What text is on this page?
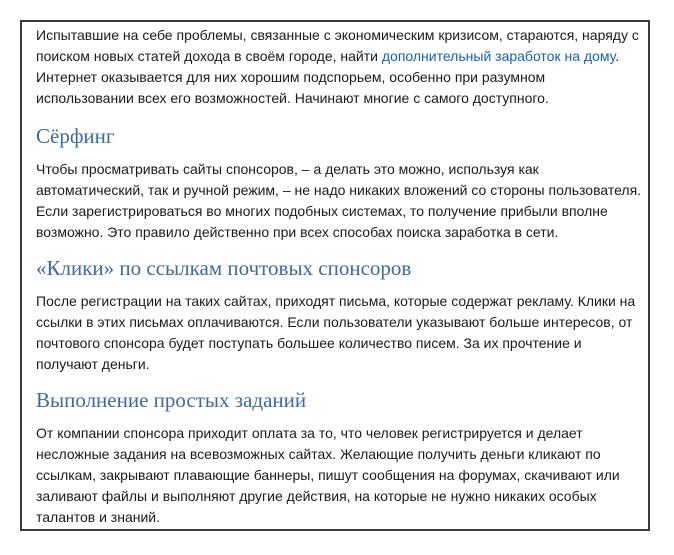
Испытавшие на себе проблемы, связанные с экономическим кризисом, стараются, наряду с поиском новых статей дохода в своём городе, найти дополнительный заработок на дому. Интернет оказывается для них хорошим подспорьем, особенно при разумном использовании всех его возможностей. Начинают многие с самого доступного.

Сёрфинг

Чтобы просматривать сайты спонсоров, – а делать это можно, используя как автоматический, так и ручной режим, – не надо никаких вложений со стороны пользователя. Если зарегистрироваться во многих подобных системах, то получение прибыли вполне возможно. Это правило действенно при всех способах поиска заработка в сети.

«Клики» по ссылкам почтовых спонсоров

После регистрации на таких сайтах, приходят письма, которые содержат рекламу. Клики на ссылки в этих письмах оплачиваются. Если пользователи указывают больше интересов, от почтового спонсора будет поступать большее количество писем. За их прочтение и получают деньги.

Выполнение простых заданий

От компании спонсора приходит оплата за то, что человек регистрируется и делает несложные задания на всевозможных сайтах. Желающие получить деньги кликают по ссылкам, закрывают плавающие баннеры, пишут сообщения на форумах, скачивают или заливают файлы и выполняют другие действия, на которые не нужно никаких особых талантов и знаний.
